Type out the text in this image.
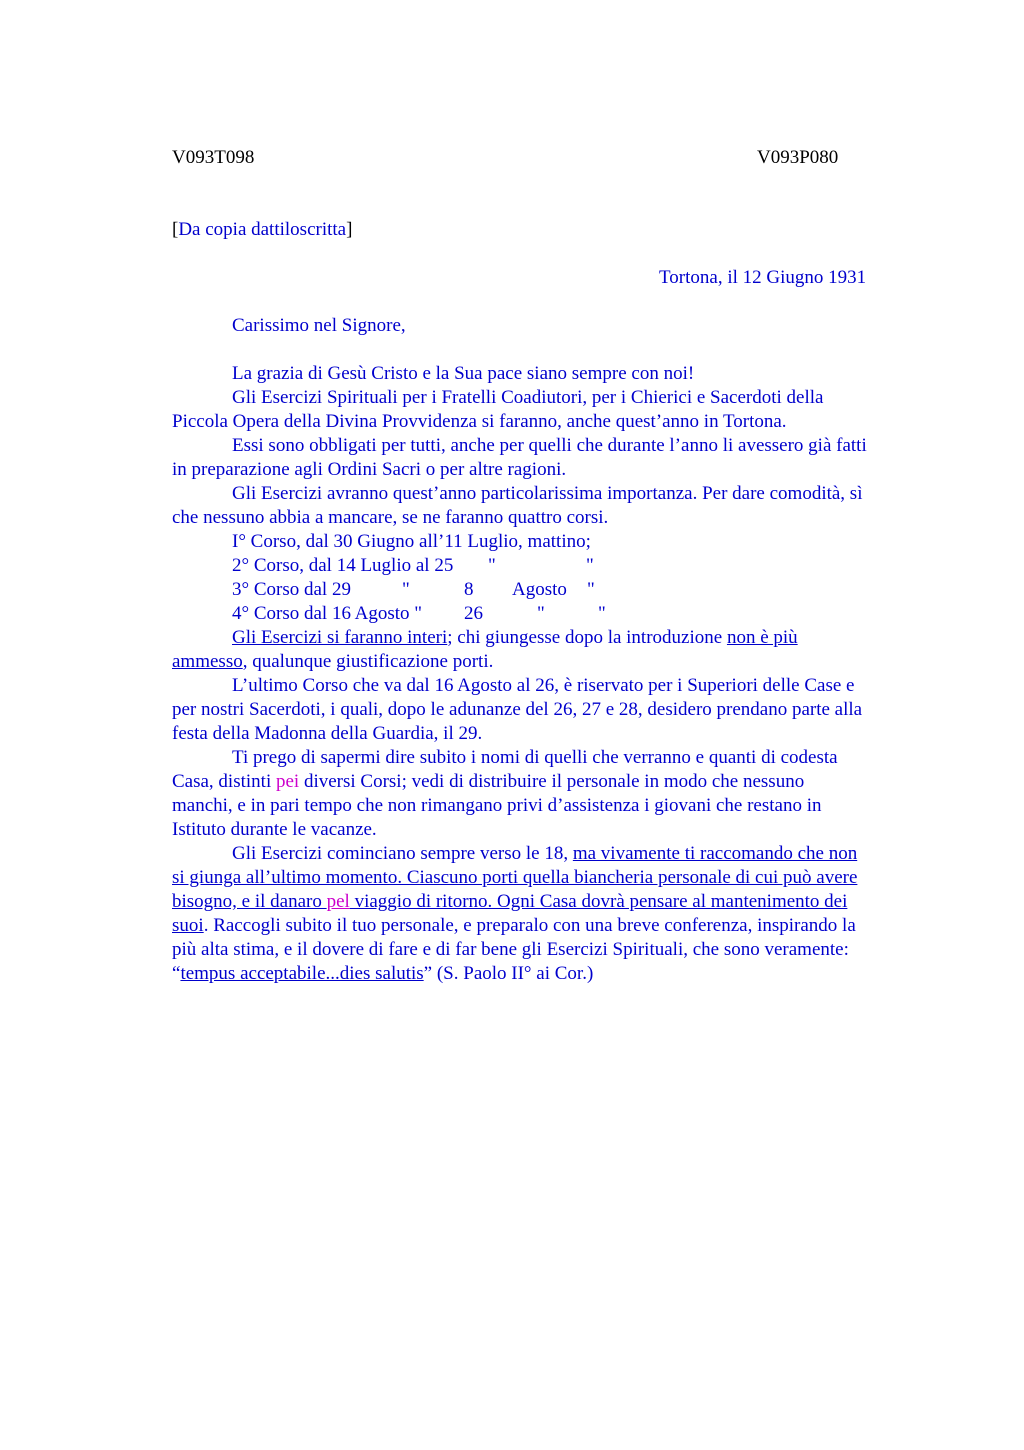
V093T098	V093P080
[Da copia dattiloscritta]
Tortona, il 12 Giugno 1931
Carissimo nel Signore,
La grazia di Gesù Cristo e la Sua pace siano sempre con noi!
Gli Esercizi Spirituali per i Fratelli Coadiutori, per i Chierici e Sacerdoti della
Piccola Opera della Divina Provvidenza si faranno, anche quest’anno in Tortona.
Essi sono obbligati per tutti, anche per quelli che durante l’anno li avessero già fatti
in preparazione agli Ordini Sacri o per altre ragioni.
Gli Esercizi avranno quest’anno particolarissima importanza. Per dare comodità, sì
che nessuno abbia a mancare, se ne faranno quattro corsi.
I° Corso, dal 30 Giugno all’11 Luglio, mattino;
2° Corso, dal 14 Luglio al 25 "	"
3° Corso dal 29	"	8 Agosto "
4° Corso dal 16 Agosto " 26	"	"
Gli Esercizi si faranno interi; chi giungesse dopo la introduzione non è più
ammesso, qualunque giustificazione porti.
L’ultimo Corso che va dal 16 Agosto al 26, è riservato per i Superiori delle Case e
per nostri Sacerdoti, i quali, dopo le adunanze del 26, 27 e 28, desidero prendano parte alla
festa della Madonna della Guardia, il 29.
Ti prego di sapermi dire subito i nomi di quelli che verranno e quanti di codesta
Casa, distinti pei diversi Corsi; vedi di distribuire il personale in modo che nessuno
manchi, e in pari tempo che non rimangano privi d’assistenza i giovani che restano in
Istituto durante le vacanze.
Gli Esercizi cominciano sempre verso le 18, ma vivamente ti raccomando che non
si giunga all’ultimo momento. Ciascuno porti quella biancheria personale di cui può avere
bisogno, e il danaro pel viaggio di ritorno. Ogni Casa dovrà pensare al mantenimento dei
suoi. Raccogli subito il tuo personale, e preparalo con una breve conferenza, inspirando la
più alta stima, e il dovere di fare e di far bene gli Esercizi Spirituali, che sono veramente:
“tempus acceptabile...dies salutis” (S. Paolo II° ai Cor.)
